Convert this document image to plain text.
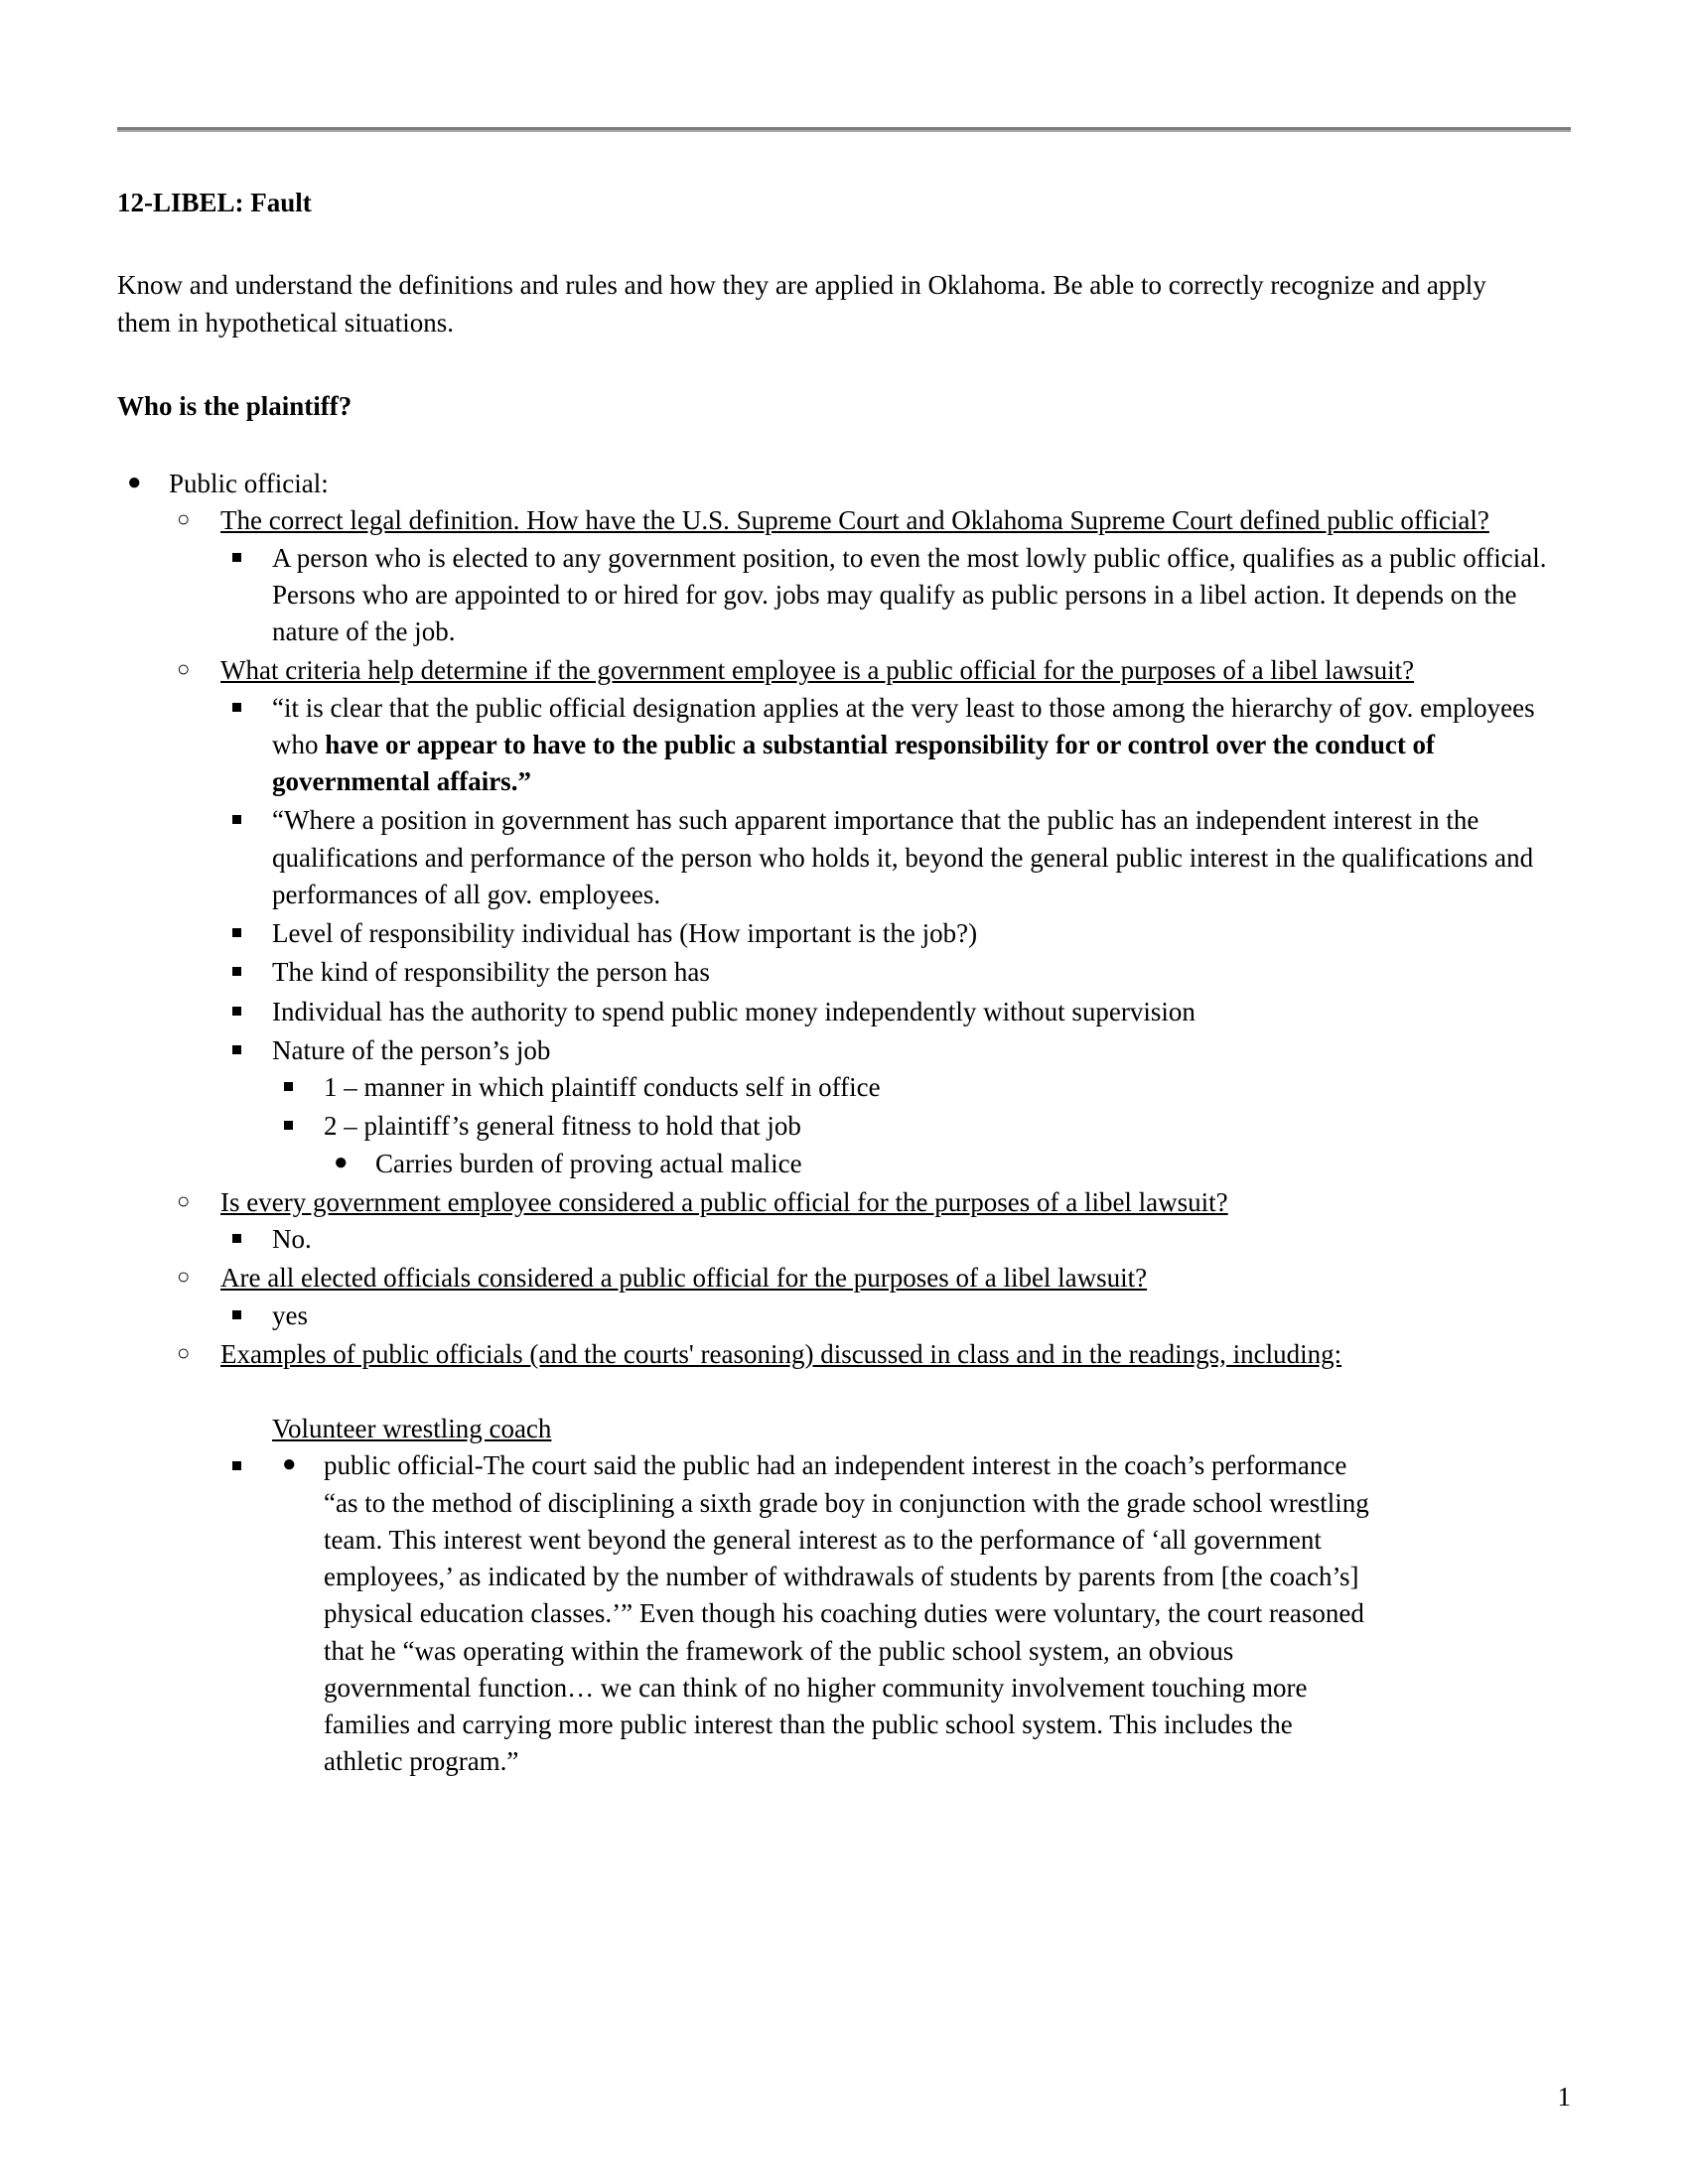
12-LIBEL: Fault

Know and understand the definitions and rules and how they are applied in Oklahoma. Be able to correctly recognize and apply them in hypothetical situations.

Who is the plaintiff?
● Public official:
○ The correct legal definition. How have the U.S. Supreme Court and Oklahoma Supreme Court defined public official?
A person who is elected to any government position, to even the most lowly public office, qualifies as a public official. Persons who are appointed to or hired for gov. jobs may qualify as public persons in a libel action. It depends on the nature of the job.
○ What criteria help determine if the government employee is a public official for the purposes of a libel lawsuit?
“it is clear that the public official designation applies at the very least to those among the hierarchy of gov. employees who have or appear to have to the public a substantial responsibility for or control over the conduct of governmental affairs.”
“Where a position in government has such apparent importance that the public has an independent interest in the qualifications and performance of the person who holds it, beyond the general public interest in the qualifications and performances of all gov. employees.
Level of responsibility individual has (How important is the job?)
The kind of responsibility the person has
Individual has the authority to spend public money independently without supervision
Nature of the person’s job
1 – manner in which plaintiff conducts self in office
2 – plaintiff’s general fitness to hold that job
● Carries burden of proving actual malice
○ Is every government employee considered a public official for the purposes of a libel lawsuit?
No.
○ Are all elected officials considered a public official for the purposes of a libel lawsuit?
yes
○ Examples of public officials (and the courts' reasoning) discussed in class and in the readings, including:
Volunteer wrestling coach
● public official-The court said the public had an independent interest in the coach’s performance “as to the method of disciplining a sixth grade boy in conjunction with the grade school wrestling team. This interest went beyond the general interest as to the performance of ‘all government employees,’ as indicated by the number of withdrawals of students by parents from [the coach’s] physical education classes.’” Even though his coaching duties were voluntary, the court reasoned that he “was operating within the framework of the public school system, an obvious governmental function… we can think of no higher community involvement touching more families and carrying more public interest than the public school system. This includes the athletic program.”
1
